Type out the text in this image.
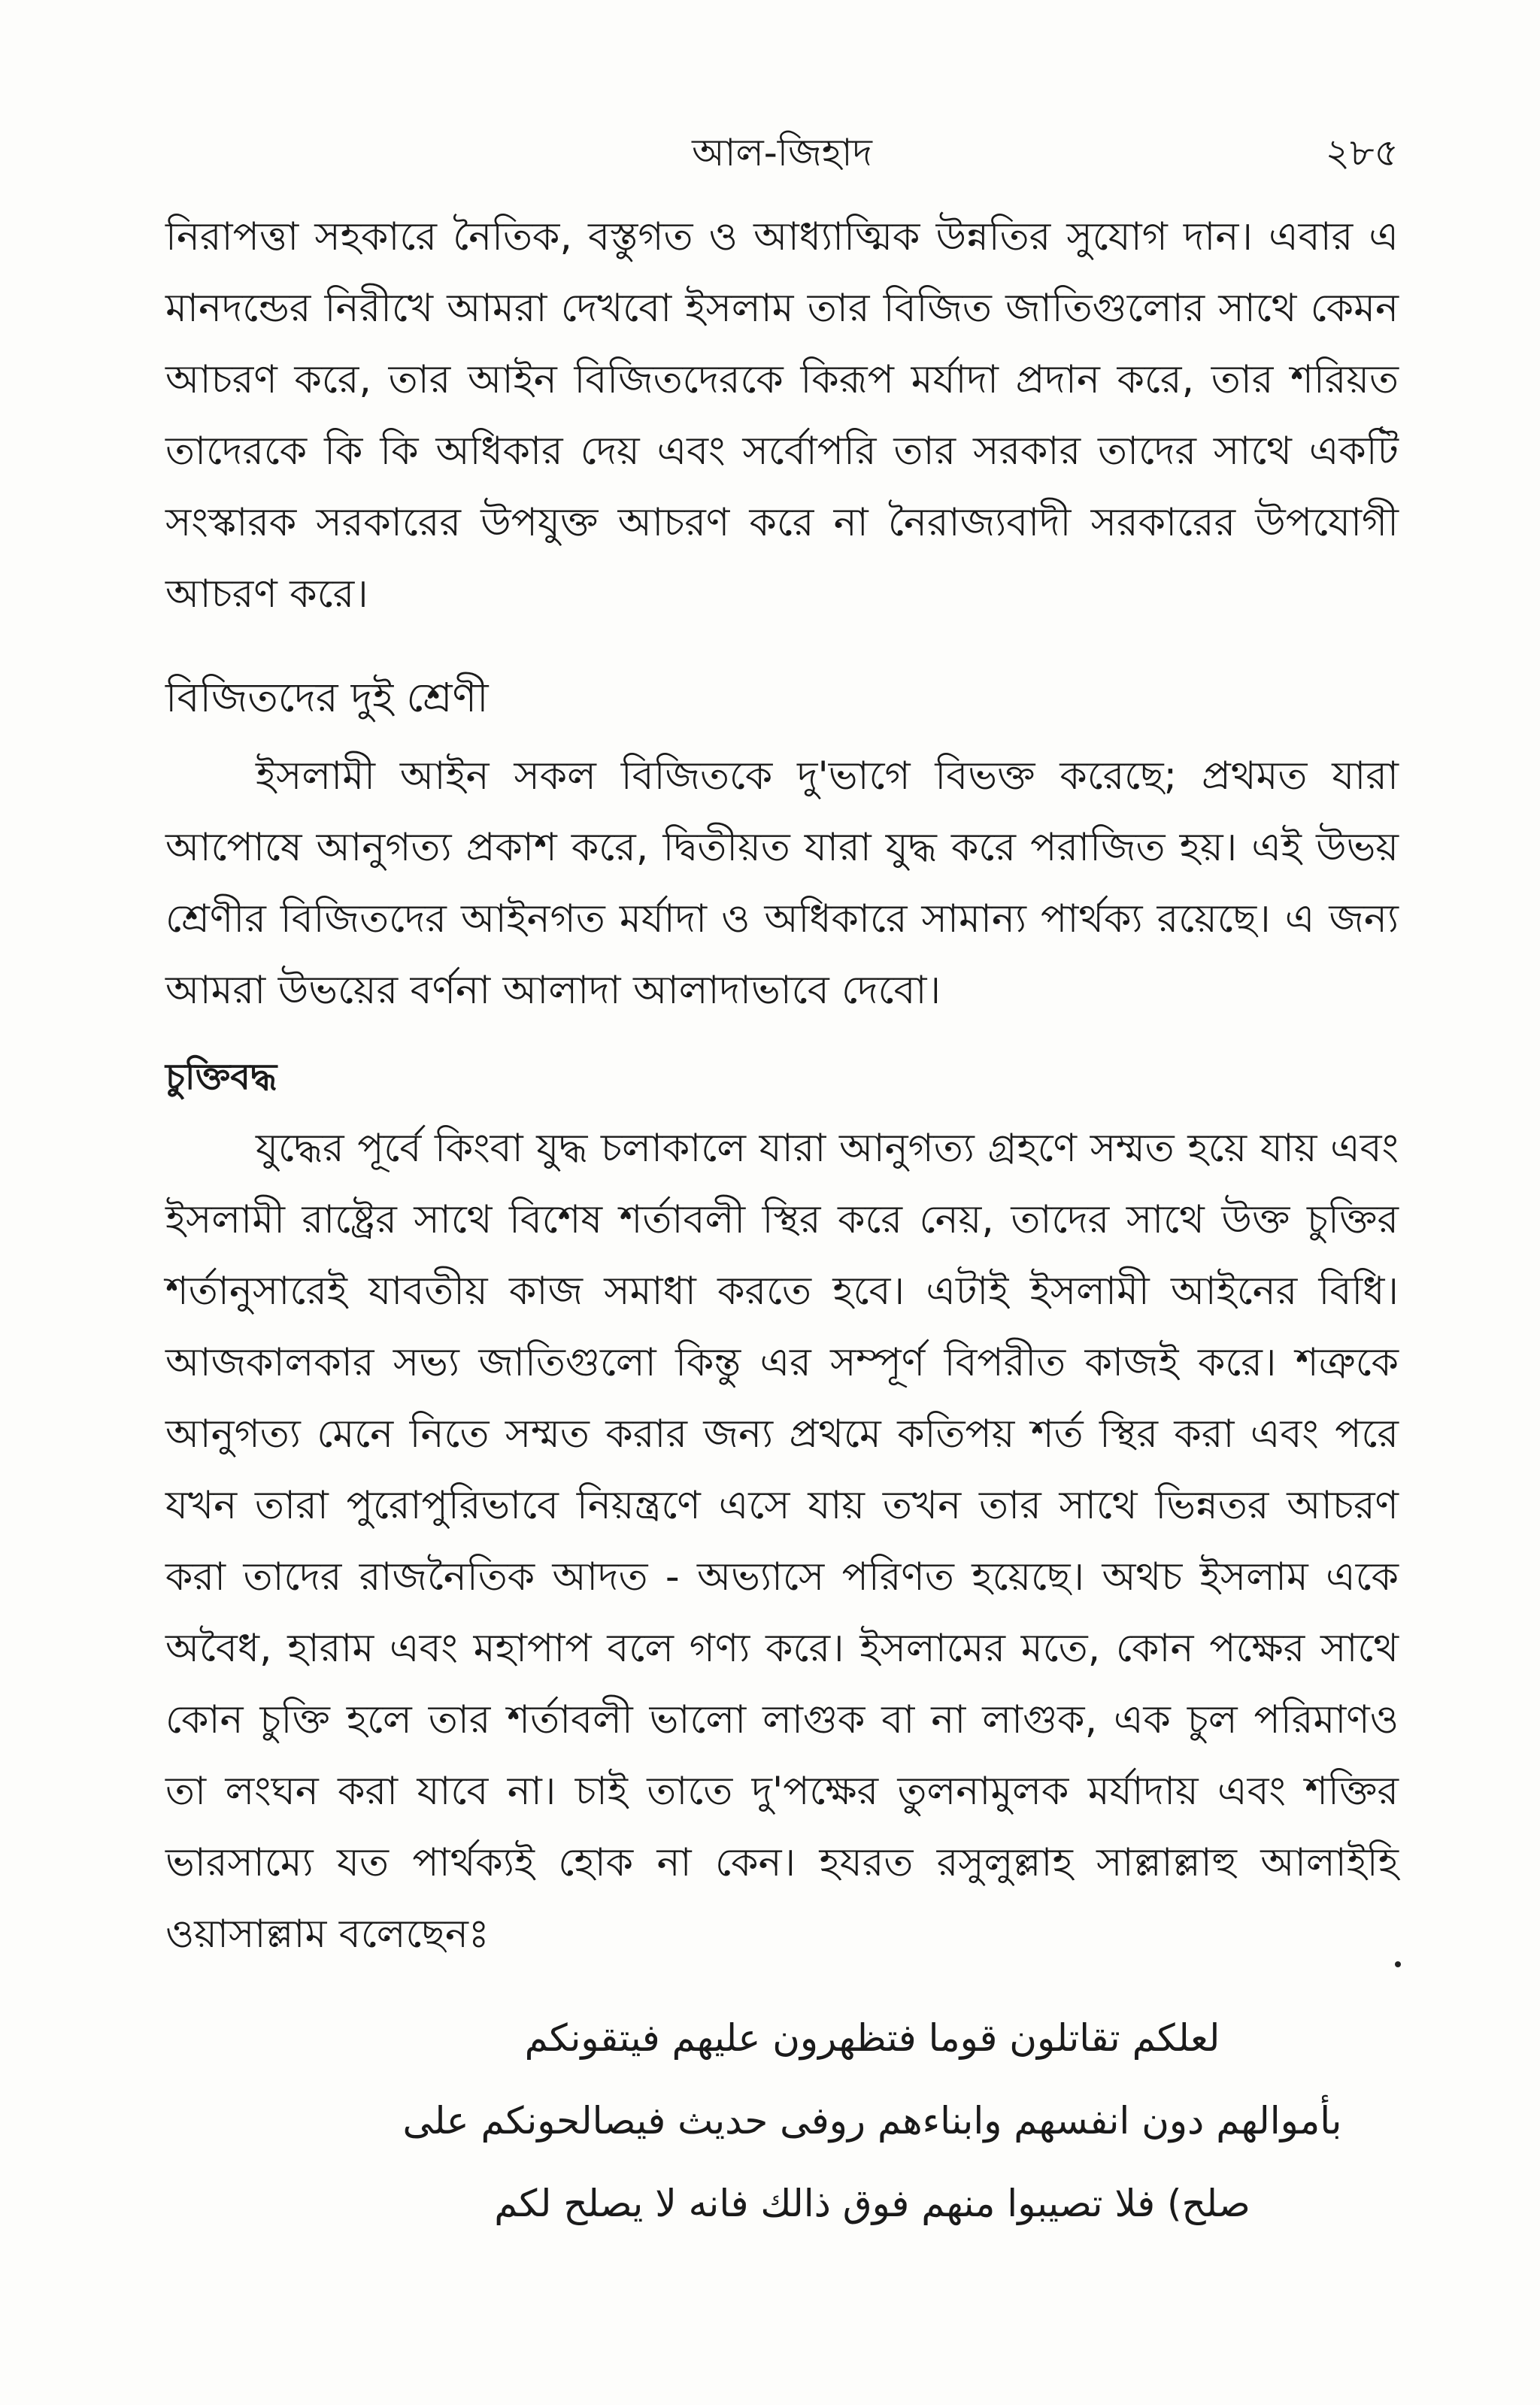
আল-জিহাদ	২৮৫
নিরাপত্তা সহকারে নৈতিক, বস্তুগত ও আধ্যাত্মিক উন্নতির সুযোগ দান। এবার এ মানদন্ডের নিরীখে আমরা দেখবো ইসলাম তার বিজিত জাতিগুলোর সাথে কেমন আচরণ করে, তার আইন বিজিতদেরকে কিরূপ মর্যাদা প্রদান করে, তার শরিয়ত তাদেরকে কি কি অধিকার দেয় এবং সর্বোপরি তার সরকার তাদের সাথে একটি সংস্কারক সরকারের উপযুক্ত আচরণ করে না নৈরাজ্যবাদী সরকারের উপযোগী আচরণ করে।
বিজিতদের দুই শ্রেণী
ইসলামী আইন সকল বিজিতকে দু'ভাগে বিভক্ত করেছে; প্রথমত যারা আপোষে আনুগত্য প্রকাশ করে, দ্বিতীয়ত যারা যুদ্ধ করে পরাজিত হয়। এই উভয় শ্রেণীর বিজিতদের আইনগত মর্যাদা ও অধিকারে সামান্য পার্থক্য রয়েছে। এ জন্য আমরা উভয়ের বর্ণনা আলাদা আলাদাভাবে দেবো।
চুক্তিবদ্ধ
যুদ্ধের পূর্বে কিংবা যুদ্ধ চলাকালে যারা আনুগত্য গ্রহণে সম্মত হয়ে যায় এবং ইসলামী রাষ্ট্রের সাথে বিশেষ শর্তাবলী স্থির করে নেয়, তাদের সাথে উক্ত চুক্তির শর্তানুসারেই যাবতীয় কাজ সমাধা করতে হবে। এটাই ইসলামী আইনের বিধি। আজকালকার সভ্য জাতিগুলো কিন্তু এর সম্পূর্ণ বিপরীত কাজই করে। শত্রুকে আনুগত্য মেনে নিতে সম্মত করার জন্য প্রথমে কতিপয় শর্ত স্থির করা এবং পরে যখন তারা পুরোপুরিভাবে নিয়ন্ত্রণে এসে যায় তখন তার সাথে ভিন্নতর আচরণ করা তাদের রাজনৈতিক আদত - অভ্যাসে পরিণত হয়েছে। অথচ ইসলাম একে অবৈধ, হারাম এবং মহাপাপ বলে গণ্য করে। ইসলামের মতে, কোন পক্ষের সাথে কোন চুক্তি হলে তার শর্তাবলী ভালো লাগুক বা না লাগুক, এক চুল পরিমাণও তা লংঘন করা যাবে না। চাই তাতে দু'পক্ষের তুলনামুলক মর্যাদায় এবং শক্তির ভারসাম্যে যত পার্থক্যই হোক না কেন। হযরত রসুলুল্লাহ সাল্লাল্লাহু আলাইহি ওয়াসাল্লাম বলেছেনঃ
لعلكم تقاتلون قوما فتظهرون عليهم فيتقونكم
بأموالهم دون انفسهم وابناءهم روفى حديث فيصالحونكم على
صلح) فلا تصيبوا منهم فوق ذالك فانه لا يصلح لكم
